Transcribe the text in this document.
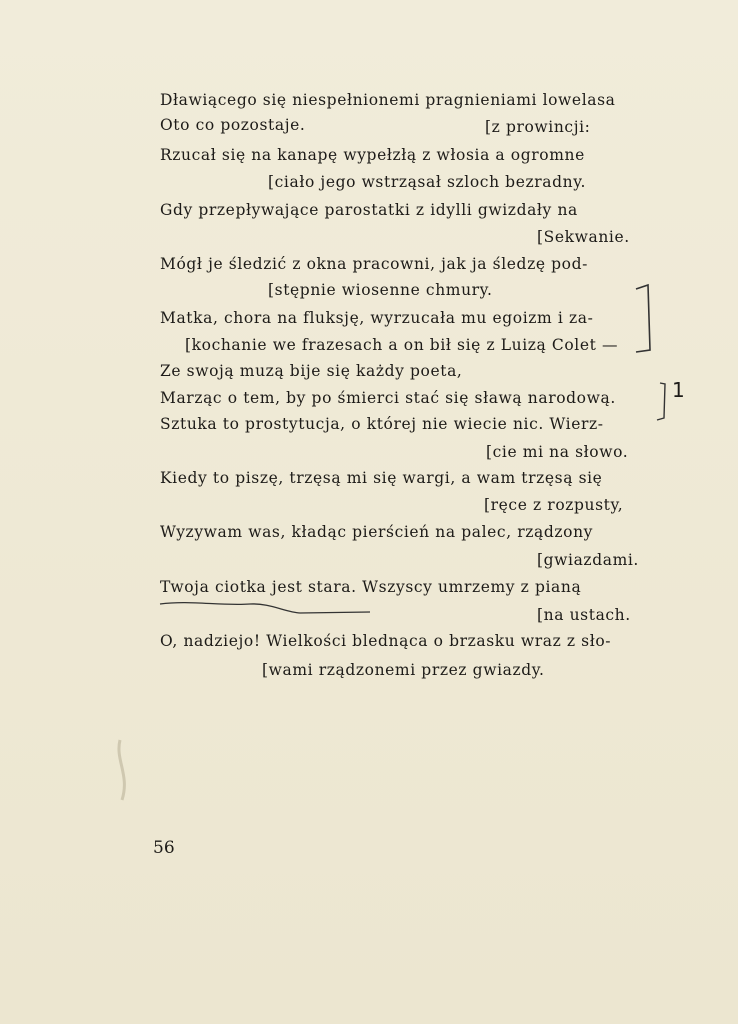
Dławiącego się niespełnionemi pragnieniami lowelasa
Oto co pozostaje.	[z prowincji:
Rzucał się na kanapę wypełzłą z włosia a ogromne
[ciało jego wstrząsał szloch bezradny.
Gdy przepływające parostatki z idylli gwizdały na
[Sekwanie.
Mógł je śledzić z okna pracowni, jak ja śledzę pod-
[stępnie wiosenne chmury.
Matka, chora na fluksję, wyrzucała mu egoizm i za-
[kochanie we frazesach a on bił się z Luizą Colet —
Ze swoją muzą bije się każdy poeta,
Marząc o tem, by po śmierci stać się sławą narodową.
Sztuka to prostytucja, o której nie wiecie nic. Wierz-
[cie mi na słowo.
Kiedy to piszę, trzęsą mi się wargi, a wam trzęsą się
[ręce z rozpusty,
Wyzywam was, kładąc pierścień na palec, rządzony
[gwiazdami.
Twoja ciotka jest stara. Wszyscy umrzemy z pianą
[na ustach.
O, nadziejo! Wielkości blednąca o brzasku wraz z sło-
[wami rządzonemi przez gwiazdy.
1
56
